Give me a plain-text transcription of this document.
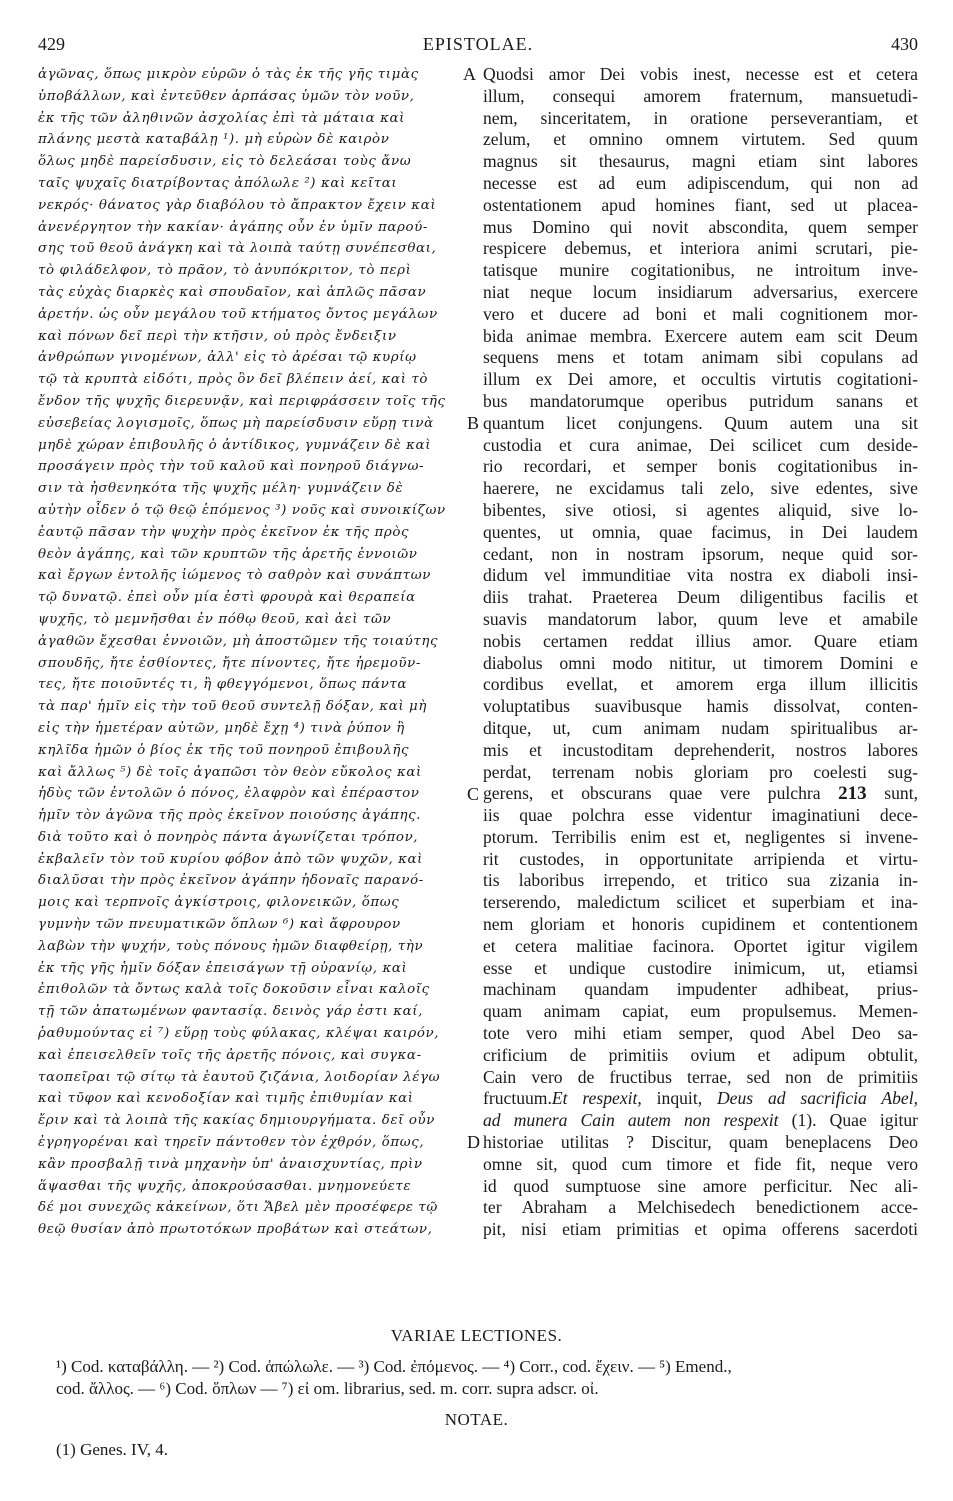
429	EPISTOLAE.	430
ἀγῶνας, ὅπως μικρὸν εὑρῶν ὁ τὰς ἐκ τῆς γῆς τιμὰς
ὑποβάλλων, καὶ ἐντεῦθεν ἁρπάσας ὑμῶν τὸν νοῦν,
ἐκ τῆς τῶν ἀληθινῶν ἀσχολίας ἐπὶ τὰ μάταια καὶ
πλάνης μεστὰ καταβάλῃ ¹). μὴ εὑρὼν δὲ καιρὸν
ὅλως μηδὲ παρείσδυσιν, εἰς τὸ δελεάσαι τοὺς ἄνω
ταῖς ψυχαῖς διατρίβοντας ἀπόλωλε ²) καὶ κεῖται
νεκρός· θάνατος γὰρ διαβόλου τὸ ἄπρακτον ἔχειν καὶ
ἀνενέργητον τὴν κακίαν· ἀγάπης οὖν ἐν ὑμῖν παρού-
σης τοῦ θεοῦ ἀνάγκη καὶ τὰ λοιπὰ ταύτῃ συνέπεσθαι,
τὸ φιλάδελφον, τὸ πρᾶον, τὸ ἀνυπόκριτον, τὸ περὶ
τὰς εὐχὰς διαρκὲς καὶ σπουδαῖον, καὶ ἁπλῶς πᾶσαν
ἀρετήν. ὡς οὖν μεγάλου τοῦ κτήματος ὄντος μεγάλων
καὶ πόνων δεῖ περὶ τὴν κτῆσιν, οὐ πρὸς ἔνδειξιν
ἀνθρώπων γινομένων, ἀλλ' εἰς τὸ ἀρέσαι τῷ κυρίῳ
τῷ τὰ κρυπτὰ εἰδότι, πρὸς ὃν δεῖ βλέπειν ἀεί, καὶ τὸ
ἔνδον τῆς ψυχῆς διερευνᾷν, καὶ περιφράσσειν τοῖς τῆς
εὐσεβείας λογισμοῖς, ὅπως μὴ παρείσδυσιν εὕρῃ τινὰ
μηδὲ χώραν ἐπιβουλῆς ὁ ἀντίδικος, γυμνάζειν δὲ καὶ
προσάγειν πρὸς τὴν τοῦ καλοῦ καὶ πονηροῦ διάγνω-
σιν τὰ ἠσθενηκότα τῆς ψυχῆς μέλη· γυμνάζειν δὲ
αὐτὴν οἶδεν ὁ τῷ θεῷ ἑπόμενος ³) νοῦς καὶ συνοικίζων
ἑαυτῷ πᾶσαν τὴν ψυχὴν πρὸς ἐκεῖνον ἐκ τῆς πρὸς
θεὸν ἀγάπης, καὶ τῶν κρυπτῶν τῆς ἀρετῆς ἐννοιῶν
καὶ ἔργων ἐντολῆς ἰώμενος τὸ σαθρὸν καὶ συνάπτων
τῷ δυνατῷ. ἐπεὶ οὖν μία ἐστὶ φρουρὰ καὶ θεραπεία
ψυχῆς, τὸ μεμνῆσθαι ἐν πόθῳ θεοῦ, καὶ ἀεὶ τῶν
ἀγαθῶν ἔχεσθαι ἐννοιῶν, μὴ ἀποστῶμεν τῆς τοιαύτης
σπουδῆς, ἤτε ἐσθίοντες, ἤτε πίνοντες, ἤτε ἠρεμοῦν-
τες, ἤτε ποιοῦντές τι, ἢ φθεγγόμενοι, ὅπως πάντα
τὰ παρ' ἡμῖν εἰς τὴν τοῦ θεοῦ συντελῇ δόξαν, καὶ μὴ
εἰς τὴν ἡμετέραν αὐτῶν, μηδὲ ἔχῃ ⁴) τινὰ ῥύπον ἢ
κηλῖδα ἡμῶν ὁ βίος ἐκ τῆς τοῦ πονηροῦ ἐπιβουλῆς
καὶ ἄλλως ⁵) δὲ τοῖς ἀγαπῶσι τὸν θεὸν εὔκολος καὶ
ἡδὺς τῶν ἐντολῶν ὁ πόνος, ἐλαφρὸν καὶ ἐπέραστον
ἡμῖν τὸν ἀγῶνα τῆς πρὸς ἐκεῖνον ποιούσης ἀγάπης.
διὰ τοῦτο καὶ ὁ πονηρὸς πάντα ἀγωνίζεται τρόπον,
ἐκβαλεῖν τὸν τοῦ κυρίου φόβον ἀπὸ τῶν ψυχῶν, καὶ
διαλῦσαι τὴν πρὸς ἐκεῖνον ἀγάπην ἡδοναῖς παρανό-
μοις καὶ τερπνοῖς ἀγκίστροις, φιλονεικῶν, ὅπως
γυμνὴν τῶν πνευματικῶν ὅπλων ⁶) καὶ ἄφρουρον
λαβὼν τὴν ψυχήν, τοὺς πόνους ἡμῶν διαφθείρῃ, τὴν
ἐκ τῆς γῆς ἡμῖν δόξαν ἐπεισάγων τῇ οὐρανίῳ, καὶ
ἐπιθολῶν τὰ ὄντως καλὰ τοῖς δοκοῦσιν εἶναι καλοῖς
τῇ τῶν ἀπατωμένων φαντασίᾳ. δεινὸς γάρ ἐστι καί,
ῥαθυμούντας εἰ ⁷) εὕρῃ τοὺς φύλακας, κλέψαι καιρόν,
καὶ ἐπεισελθεῖν τοῖς τῆς ἀρετῆς πόνοις, καὶ συγκα-
ταοπεῖραι τῷ σίτῳ τὰ ἑαυτοῦ ζιζάνια, λοιδορίαν λέγω
καὶ τῦφον καὶ κενοδοξίαν καὶ τιμῆς ἐπιθυμίαν καὶ
ἔριν καὶ τὰ λοιπὰ τῆς κακίας δημιουργήματα. δεῖ οὖν
ἐγρηγορέναι καὶ τηρεῖν πάντοθεν τὸν ἐχθρόν, ὅπως,
κἂν προσβαλῇ τινὰ μηχανὴν ὑπ' ἀναισχυντίας, πρὶν
ἅψασθαι τῆς ψυχῆς, ἀποκρούσασθαι. μνημονεύετε
δέ μοι συνεχῶς κἀκείνων, ὅτι Ἄβελ μὲν προσέφερε τῷ
θεῷ θυσίαν ἀπὸ πρωτοτόκων προβάτων καὶ στεάτων,
Quodsi amor Dei vobis inest, necesse est et cetera
illum, consequi amorem fraternum, mansuetudi-
nem, sinceritatem, in oratione perseverantiam, et
zelum, et omnino omnem virtutem. Sed quum
magnus sit thesaurus, magni etiam sint labores
necesse est ad eum adipiscendum, qui non ad
ostentationem apud homines fiant, sed ut placea-
mus Domino qui novit abscondita, quem semper
respicere debemus, et interiora animi scrutari, pie-
tatisque munire cogitationibus, ne introitum inve-
niat neque locum insidiarum adversarius, exercere
vero et ducere ad boni et mali cognitionem mor-
bida animae membra. Exercere autem eam scit Deum
sequens mens et totam animam sibi copulans ad
illum ex Dei amore, et occultis virtutis cogitationi-
bus mandatorumque operibus putridum sanans et
quantum licet conjungens. Quum autem una sit
custodia et cura animae, Dei scilicet cum deside-
rio recordari, et semper bonis cogitationibus in-
haerere, ne excidamus tali zelo, sive edentes, sive
bibentes, sive otiosi, si agentes aliquid, sive lo-
quentes, ut omnia, quae facimus, in Dei laudem
cedant, non in nostram ipsorum, neque quid sor-
didum vel immunditiae vita nostra ex diaboli insi-
diis trahat. Praeterea Deum diligentibus facilis et
suavis mandatorum labor, quum leve et amabile
nobis certamen reddat illius amor. Quare etiam
diabolus omni modo nititur, ut timorem Domini e
cordibus evellat, et amorem erga illum illicitis
voluptatibus suavibusque hamis dissolvat, conten-
ditque, ut, cum animam nudam spiritualibus ar-
mis et incustoditam deprehenderit, nostros labores
perdat, terrenam nobis gloriam pro coelesti sug-
gerens, et obscurans quae vere pulchra 213 sunt,
iis quae polchra esse videntur imaginatiuni dece-
ptorum. Terribilis enim est et, negligentes si invene-
rit custodes, in opportunitate arripienda et virtu-
tis laboribus irrependo, et tritico sua zizania in-
terserendo, maledictum scilicet et superbiam et ina-
nem gloriam et honoris cupidinem et contentionem
et cetera malitiae facinora. Oportet igitur vigilem
esse et undique custodire inimicum, ut, etiamsi
machinam quandam impudenter adhibeat, prius-
quam animam capiat, eum propulsemus. Memen-
tote vero mihi etiam semper, quod Abel Deo sa-
crificium de primitiis ovium et adipum obtulit,
Cain vero de fructibus terrae, sed non de primitiis
fructuum.Et respexit, inquit, Deus ad sacrificia Abel,
ad munera Cain autem non respexit (1). Quae igitur
historiae utilitas ? Discitur, quam beneplacens Deo
omne sit, quod cum timore et fide fit, neque vero
id quod sumptuose sine amore perficitur. Nec ali-
ter Abraham a Melchisedech benedictionem acce-
pit, nisi etiam primitias et opima offerens sacerdoti
A
B
C
D
VARIAE LECTIONES.
¹) Cod. καταβάλλη. — ²) Cod. ἀπώλωλε. — ³) Cod. ἐπόμενος. — ⁴) Corr., cod. ἔχειν. — ⁵) Emend.,
cod. ἄλλος. — ⁶) Cod. ὅπλων — ⁷) εἰ om. librarius, sed. m. corr. supra adscr. οἰ.
NOTAE.
(1) Genes. IV, 4.
